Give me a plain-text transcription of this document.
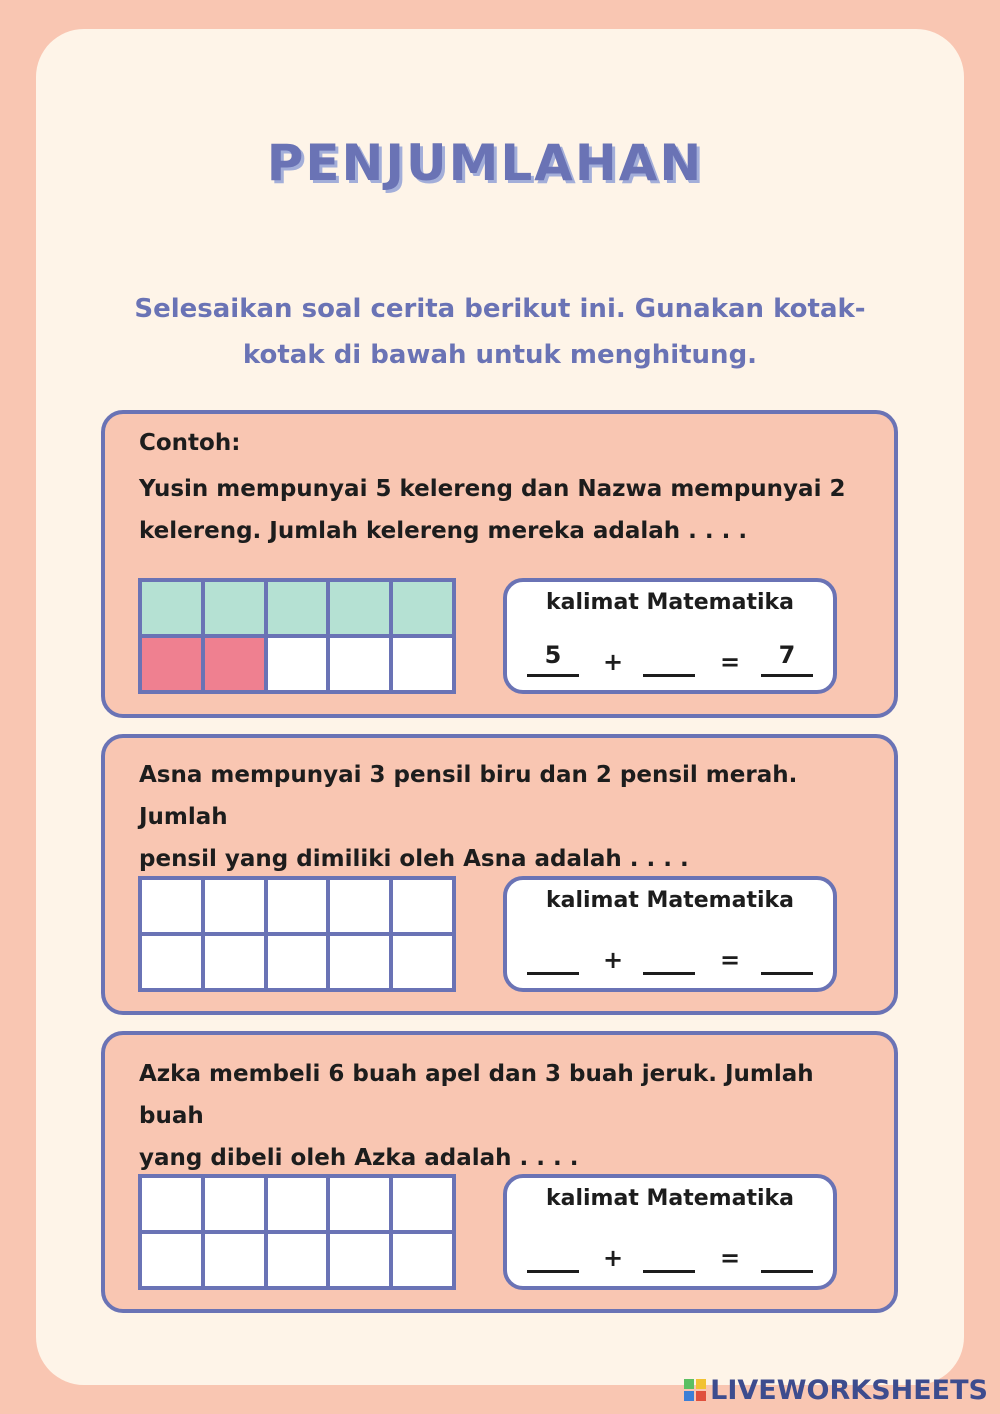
PENJUMLAHAN
Selesaikan soal cerita berikut ini. Gunakan kotak-
kotak di bawah untuk menghitung.
Contoh:
Yusin mempunyai 5 kelereng dan Nazwa mempunyai 2
kelereng. Jumlah kelereng mereka adalah . . . .
kalimat Matematika
5	+	=	7
Asna mempunyai 3 pensil biru dan 2 pensil merah. Jumlah
pensil yang dimiliki oleh Asna adalah . . . .
kalimat Matematika
+	=
Azka membeli 6 buah apel dan 3 buah jeruk. Jumlah buah
yang dibeli oleh Azka adalah . . . .
kalimat Matematika
+	=
LIVEWORKSHEETS
